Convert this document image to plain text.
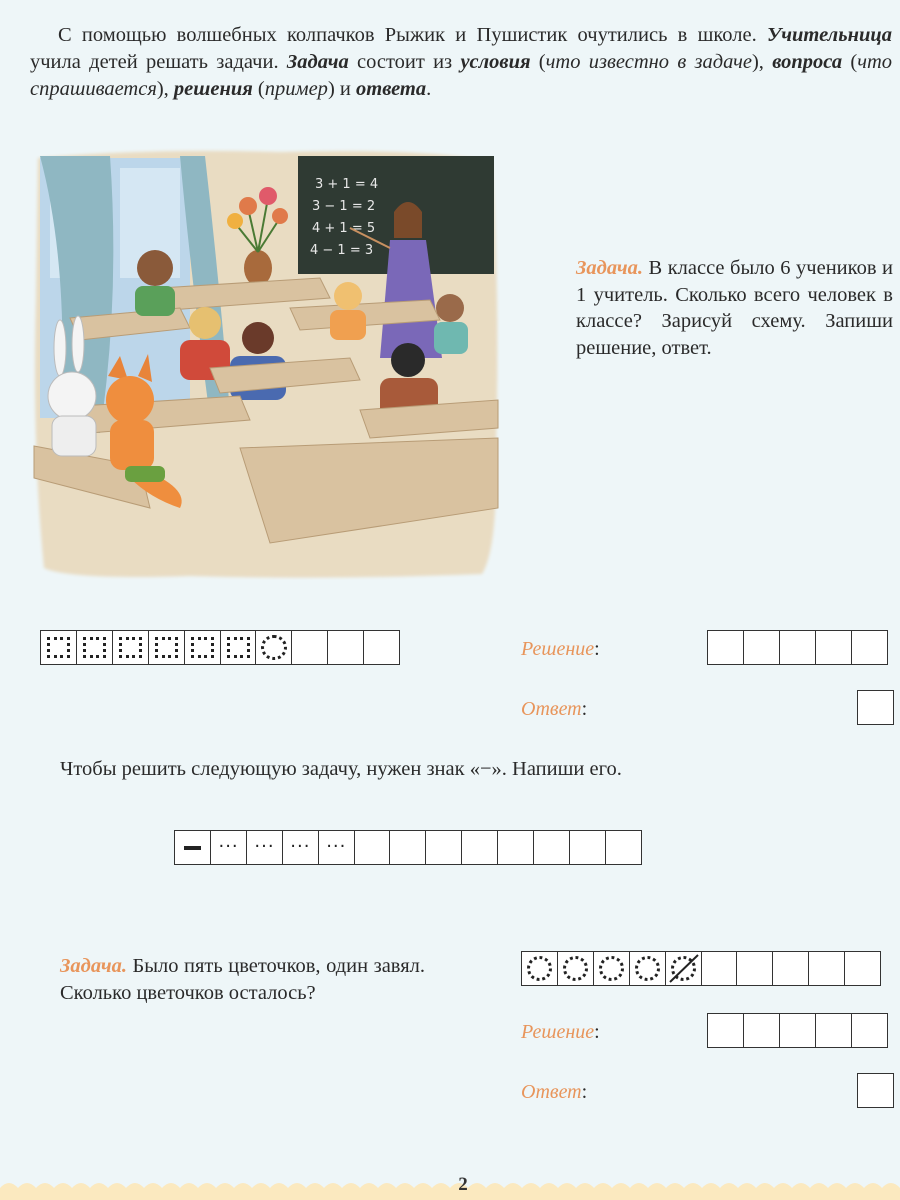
С помощью волшебных колпачков Рыжик и Пушистик очутились в школе. Учительница учила детей решать задачи. Задача состоит из условия (что известно в задаче), вопроса (что спрашивается), решения (пример) и ответа.
3 + 1 = 4
3 − 1 = 2
4 + 1 = 5
4 − 1 = 3
Задача. В классе было 6 учеников и 1 учитель. Сколько всего человек в классе? Зарисуй схему. Запиши решение, ответ.
Решение:
Ответ:
Чтобы решить следующую задачу, нужен знак «−». Напиши его.
··· ··· ··· ···
Задача. Было пять цветочков, один завял. Сколько цветочков осталось?
Решение:
Ответ:
2
